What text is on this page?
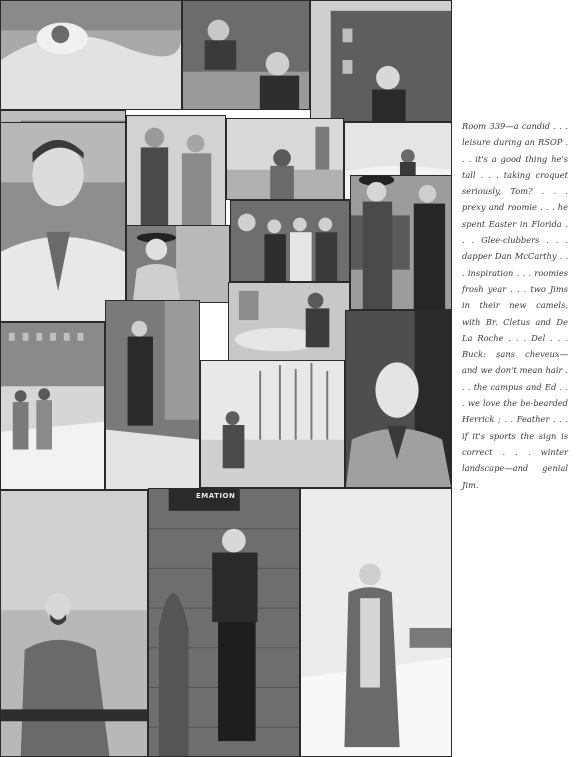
EMATION
Room 339—a candid . . . leisure during an RSOP . . . it's a good thing he's tall . . . taking croquet seriously, Tom? . . . prexy and roomie . . . he spent Easter in Florida . . . Glee-clubbers . . . dapper Dan McCarthy . . . inspiration . . . roomies frosh year . . . two Jims in their new camels, with Br. Cletus and De La Roche . . . Del . . . Buck: sans cheveux—and we don't mean hair . . . the campus and Ed . . . we love the be-bearded Herrick ; . . Feather . . . if it's sports the sign is correct . . . winter landscape—and genial Jim.
